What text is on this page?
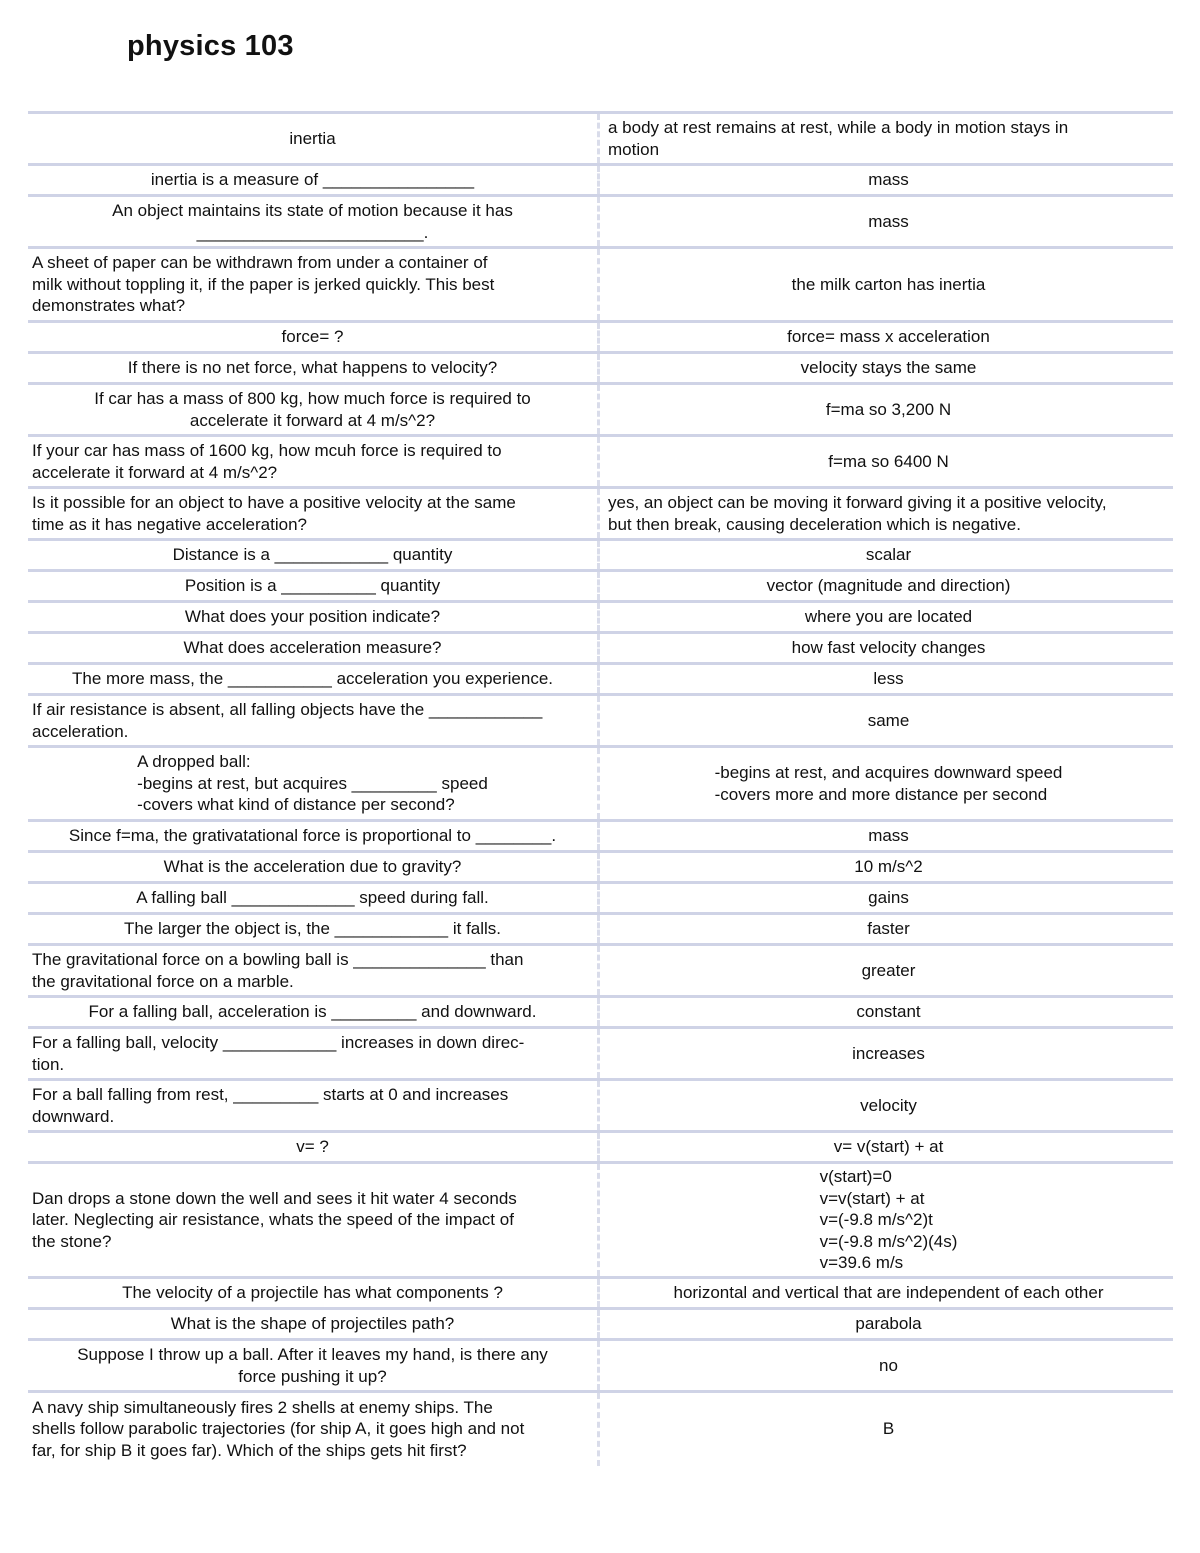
physics 103
inertia	a body at rest remains at rest, while a body in motion stays in
motion

inertia is a measure of ________________	mass

An object maintains its state of motion because it has
________________________.	mass

A sheet of paper can be withdrawn from under a container of
milk without toppling it, if the paper is jerked quickly. This best
demonstrates what?	the milk carton has inertia

force= ?	force= mass x acceleration

If there is no net force, what happens to velocity?	velocity stays the same

If car has a mass of 800 kg, how much force is required to
accelerate it forward at 4 m/s^2?	f=ma so 3,200 N

If your car has mass of 1600 kg, how mcuh force is required to
accelerate it forward at 4 m/s^2?	f=ma so 6400 N

Is it possible for an object to have a positive velocity at the same
time as it has negative acceleration?	yes, an object can be moving it forward giving it a positive velocity,
but then break, causing deceleration which is negative.

Distance is a ____________ quantity	scalar

Position is a __________ quantity	vector (magnitude and direction)

What does your position indicate?	where you are located

What does acceleration measure?	how fast velocity changes

The more mass, the ___________ acceleration you experience.	less

If air resistance is absent, all falling objects have the ____________
acceleration.	same

A dropped ball:
-begins at rest, but acquires _________ speed
-covers what kind of distance per second?	-begins at rest, and acquires downward speed
-covers more and more distance per second

Since f=ma, the grativatational force is proportional to ________.	mass

What is the acceleration due to gravity?	10 m/s^2

A falling ball _____________ speed during fall.	gains

The larger the object is, the ____________ it falls.	faster

The gravitational force on a bowling ball is ______________ than
the gravitational force on a marble.	greater

For a falling ball, acceleration is _________ and downward.	constant

For a falling ball, velocity ____________ increases in down direc-
tion.	increases

For a ball falling from rest, _________ starts at 0 and increases
downward.	velocity

v= ?	v= v(start) + at

Dan drops a stone down the well and sees it hit water 4 seconds
later. Neglecting air resistance, whats the speed of the impact of
the stone?	v(start)=0
v=v(start) + at
v=(-9.8 m/s^2)t
v=(-9.8 m/s^2)(4s)
v=39.6 m/s

The velocity of a projectile has what components ?	horizontal and vertical that are independent of each other

What is the shape of projectiles path?	parabola

Suppose I throw up a ball. After it leaves my hand, is there any
force pushing it up?	no

A navy ship simultaneously fires 2 shells at enemy ships. The
shells follow parabolic trajectories (for ship A, it goes high and not
far, for ship B it goes far). Which of the ships gets hit first?	B
